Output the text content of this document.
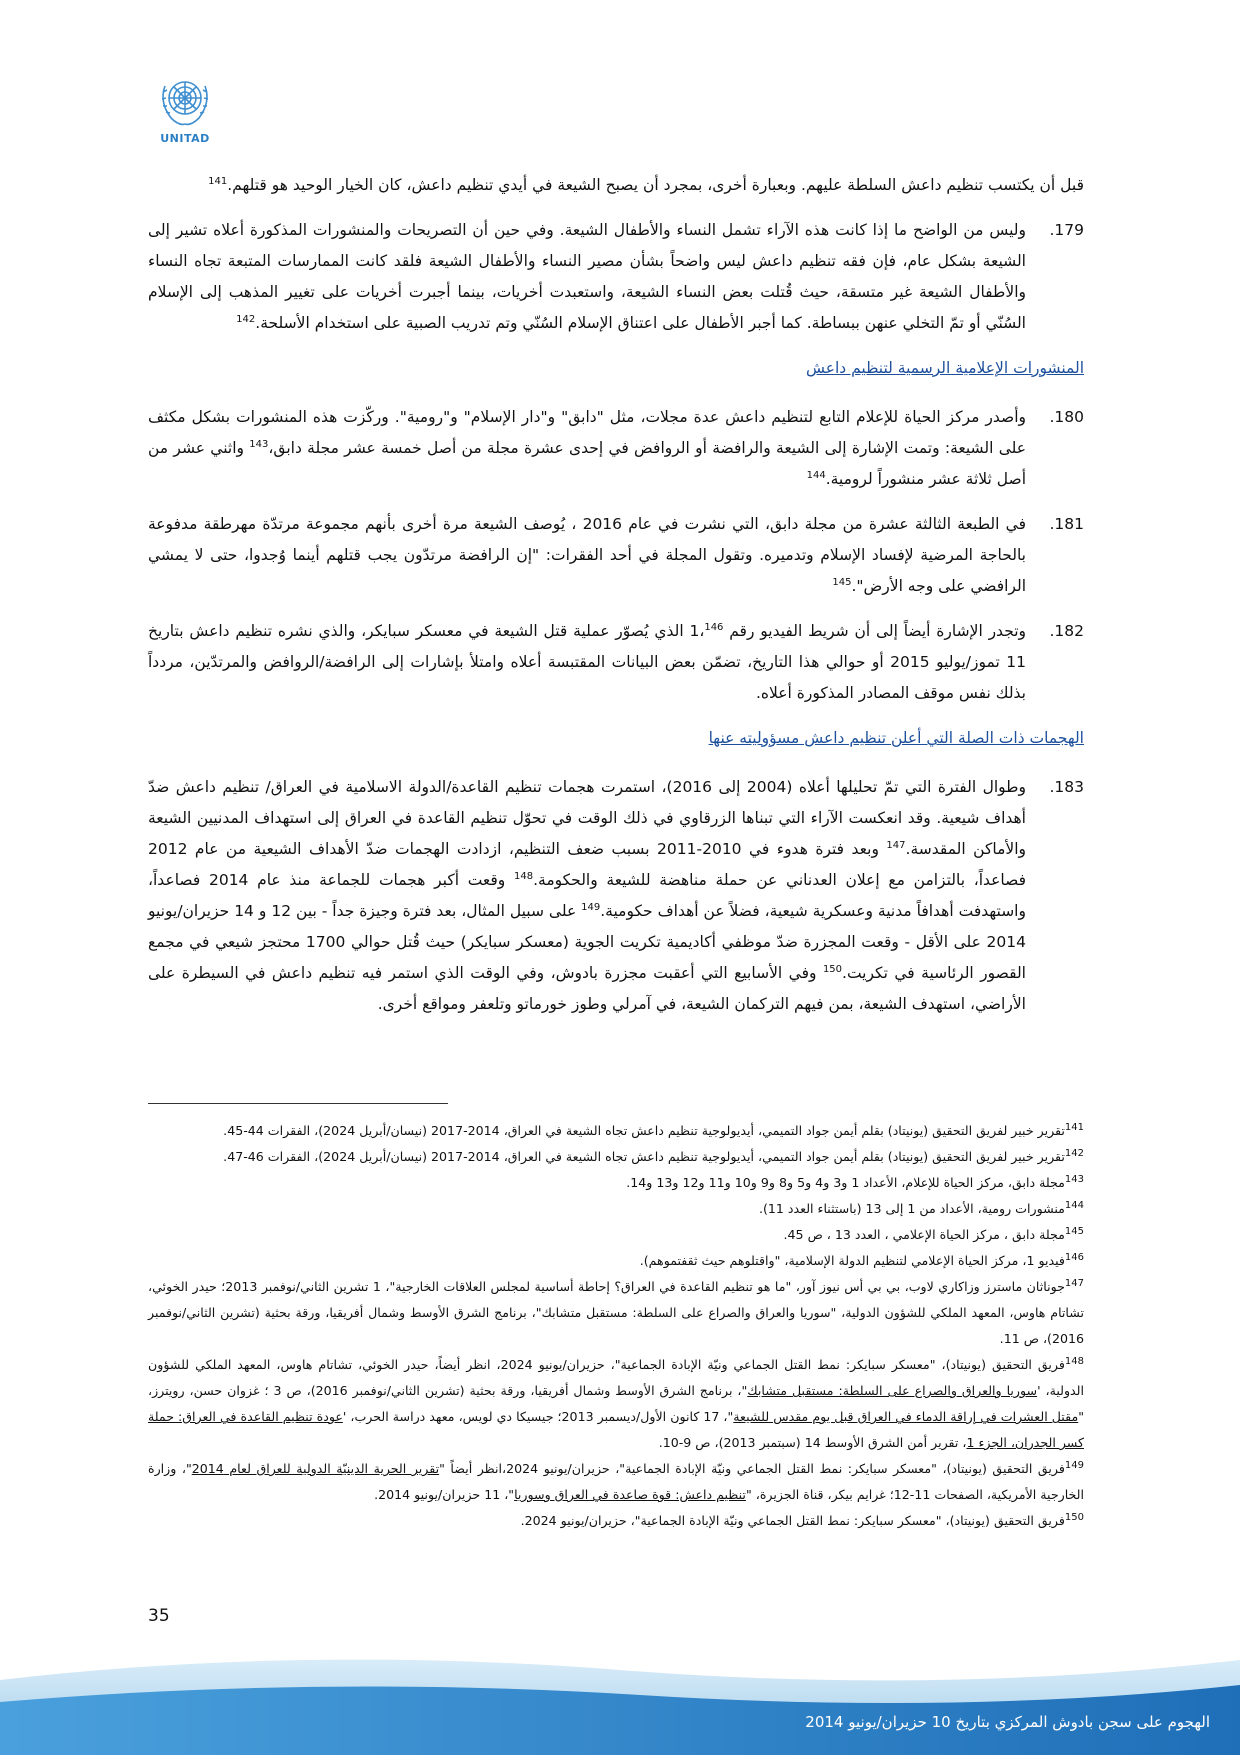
UNITAD

قبل أن يكتسب تنظيم داعش السلطة عليهم. وبعبارة أخرى، بمجرد أن يصبح الشيعة في أيدي تنظيم داعش، كان الخيار الوحيد هو قتلهم.$^{141}$

179.
وليس من الواضح ما إذا كانت هذه الآراء تشمل النساء والأطفال الشيعة. وفي حين أن التصريحات والمنشورات المذكورة أعلاه تشير إلى الشيعة بشكل عام، فإن فقه تنظيم داعش ليس واضحاً بشأن مصير النساء والأطفال الشيعة فلقد كانت الممارسات المتبعة تجاه النساء والأطفال الشيعة غير متسقة، حيث قُتلت بعض النساء الشيعة، واستعبدت أخريات، بينما أجبرت أخريات على تغيير المذهب إلى الإسلام السُنّي أو تمّ التخلي عنهن ببساطة. كما أجبر الأطفال على اعتناق الإسلام السُنّي وتم تدريب الصبية على استخدام الأسلحة.$^{142}$
المنشورات الإعلامية الرسمية لتنظيم داعش
180.
وأصدر مركز الحياة للإعلام التابع لتنظيم داعش عدة مجلات، مثل "دابق" و"دار الإسلام" و"رومية". وركّزت هذه المنشورات بشكل مكثف على الشيعة: وتمت الإشارة إلى الشيعة والرافضة أو الروافض في إحدى عشرة مجلة من أصل خمسة عشر مجلة دابق،$^{143}$ واثني عشر من أصل ثلاثة عشر منشوراً لرومية.$^{144}$
181.
في الطبعة الثالثة عشرة من مجلة دابق، التي نشرت في عام 2016 ، يُوصف الشيعة مرة أخرى بأنهم مجموعة مرتدّة مهرطقة مدفوعة بالحاجة المرضية لإفساد الإسلام وتدميره. وتقول المجلة في أحد الفقرات: "إن الرافضة مرتدّون يجب قتلهم أينما وُجدوا، حتى لا يمشي الرافضي على وجه الأرض".$^{145}$
182.
وتجدر الإشارة أيضاً إلى أن شريط الفيديو رقم 1،$^{146}$ الذي يُصوّر عملية قتل الشيعة في معسكر سبايكر، والذي نشره تنظيم داعش بتاريخ 11 تموز/يوليو 2015 أو حوالي هذا التاريخ، تضمّن بعض البيانات المقتبسة أعلاه وامتلأ بإشارات إلى الرافضة/الروافض والمرتدّين، مردداً بذلك نفس موقف المصادر المذكورة أعلاه.
الهجمات ذات الصلة التي أعلن تنظيم داعش مسؤوليته عنها
183.
وطوال الفترة التي تمّ تحليلها أعلاه (2004 إلى 2016)، استمرت هجمات تنظيم القاعدة/الدولة الاسلامية في العراق/ تنظيم داعش ضدّ أهداف شيعية. وقد انعكست الآراء التي تبناها الزرقاوي في ذلك الوقت في تحوّل تنظيم القاعدة في العراق إلى استهداف المدنيين الشيعة والأماكن المقدسة.$^{147}$ وبعد فترة هدوء في 2010-2011 بسبب ضعف التنظيم، ازدادت الهجمات ضدّ الأهداف الشيعية من عام 2012 فصاعداً، بالتزامن مع إعلان العدناني عن حملة مناهضة للشيعة والحكومة.$^{148}$ وقعت أكبر هجمات للجماعة منذ عام 2014 فصاعداً، واستهدفت أهدافاً مدنية وعسكرية شيعية، فضلاً عن أهداف حكومية.$^{149}$ على سبيل المثال، بعد فترة وجيزة جداً - بين 12 و 14 حزيران/يونيو 2014 على الأقل - وقعت المجزرة ضدّ موظفي أكاديمية تكريت الجوية (معسكر سبايكر) حيث قُتل حوالي 1700 محتجز شيعي في مجمع القصور الرئاسية في تكريت.$^{150}$ وفي الأسابيع التي أعقبت مجزرة بادوش، وفي الوقت الذي استمر فيه تنظيم داعش في السيطرة على الأراضي، استهدف الشيعة، بمن فيهم التركمان الشيعة، في آمرلي وطوز خورماتو وتلعفر ومواقع أخرى.

$^{141}$تقرير خبير لفريق التحقيق (يونيتاد) بقلم أيمن جواد التميمي، أيديولوجية تنظيم داعش تجاه الشيعة في العراق، 2014-2017 (نيسان/أبريل 2024)، الفقرات 44-45.

$^{142}$تقرير خبير لفريق التحقيق (يونيتاد) بقلم أيمن جواد التميمي، أيديولوجية تنظيم داعش تجاه الشيعة في العراق، 2014-2017 (نيسان/أبريل 2024)، الفقرات 46-47.

$^{143}$مجلة دابق، مركز الحياة للإعلام، الأعداد 1 و3 و4 و5 و8 و9 و10 و11 و12 و13 و14.

$^{144}$منشورات رومية، الأعداد من 1 إلى 13 (باستثناء العدد 11).

$^{145}$مجلة دابق ، مركز الحياة الإعلامي ، العدد 13 ، ص 45.

$^{146}$فيديو 1، مركز الحياة الإعلامي لتنظيم الدولة الإسلامية، "واقتلوهم حيث ثقفتموهم).

$^{147}$جوناثان ماسترز وزاكاري لاوب، بي بي أس نيوز آور، "ما هو تنظيم القاعدة في العراق؟ إحاطة أساسية لمجلس العلاقات الخارجية"، 1 تشرين الثاني/نوفمبر 2013؛ حيدر الخوئي، تشاتام هاوس، المعهد الملكي للشؤون الدولية، "سوريا والعراق والصراع على السلطة: مستقبل متشابك"، برنامج الشرق الأوسط وشمال أفريقيا، ورقة بحثية (تشرين الثاني/نوفمبر 2016)، ص 11.

$^{148}$فريق التحقيق (يونيتاد)، "معسكر سبايكر: نمط القتل الجماعي ونيّة الإبادة الجماعية"، حزيران/يونيو 2024، انظر أيضاً، حيدر الخوئي، تشاتام هاوس، المعهد الملكي للشؤون الدولية، 'سوريا والعراق والصراع على السلطة: مستقبل متشابك"، برنامج الشرق الأوسط وشمال أفريقيا، ورقة بحثية (تشرين الثاني/نوفمبر 2016)، ص 3 ؛ غزوان حسن، رويترز، "مقتل العشرات في إراقة الدماء في العراق قبل يوم مقدس للشيعة"، 17 كانون الأول/ديسمبر 2013؛ جيسيكا دي لويس، معهد دراسة الحرب، 'عودة تنظيم القاعدة في العراق: حملة كسر الجدران، الجزء 1، تقرير أمن الشرق الأوسط 14 (سبتمبر 2013)، ص 9-10.

$^{149}$فريق التحقيق (يونيتاد)، "معسكر سبايكر: نمط القتل الجماعي ونيّة الإبادة الجماعية"، حزيران/يونيو 2024،انظر أيضاً "تقرير الحرية الدينيّة الدولية للعراق لعام 2014"، وزارة الخارجية الأمريكية، الصفحات 11-12؛ غرايم بيكر، قناة الجزيرة، "تنظيم داعش: قوة صاعدة في العراق وسوريا"، 11 حزيران/يونيو 2014.

$^{150}$فريق التحقيق (يونيتاد)، "معسكر سبايكر: نمط القتل الجماعي ونيّة الإبادة الجماعية"، حزيران/يونيو 2024.

35
الهجوم على سجن بادوش المركزي بتاريخ 10 حزيران/يونيو 2014
